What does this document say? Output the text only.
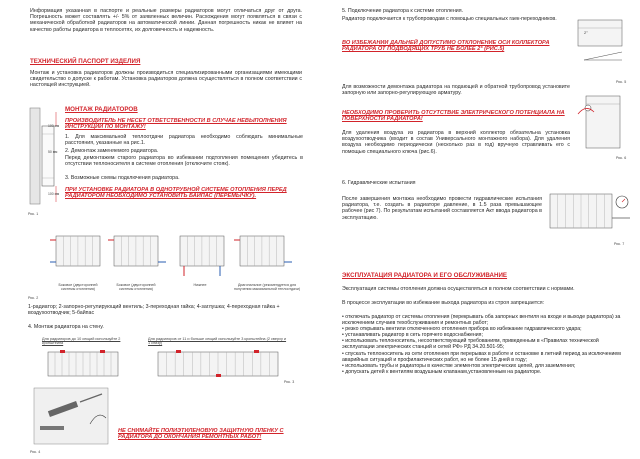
Информация указанная в паспорте и реальные размеры радиаторов могут отличаться друг от друга. Погрешность может составлять +/- 5% от заявленных величин. Расхождения могут появляться в связи с механической обработкой радиаторов на автоматической линии. Данная погрешность никак не влияет на качество работы радиатора в теплосетях, их долговечность и надежность.

ТЕХНИЧЕСКИЙ ПАСПОРТ ИЗДЕЛИЯ

Монтаж и установка радиаторов должны производиться специализированными организациями имеющими свидетельство о допуске к работам. Установка радиаторов должна осуществляться в полном соответствии с настоящей инструкцией.

100 мм
50 мм
100 мм
Рис. 1

МОНТАЖ РАДИАТОРОВ

ПРОИЗВОДИТЕЛЬ НЕ НЕСЕТ ОТВЕТСТВЕННОСТИ В СЛУЧАЕ НЕВЫПОЛНЕНИЯ ИНСТРУКЦИИ ПО МОНТАЖУ!

1. Для максимальной теплоотдачи радиатора необходимо соблюдать минимальные расстояния, указанные на рис.1.

2. Демонтаж заменяемого радиатора.

Перед демонтажем старого радиатора во избежании подтопления помещения убедитесь в отсутствии теплоносителя в системе отопления (отключите стояк).

3. Возможные схемы подключения радиатора.

ПРИ УСТАНОВКЕ РАДИАТОРА В ОДНОТРУБНОЙ СИСТЕМЕ ОТОПЛЕНИЯ ПЕРЕД РАДИАТОРОМ НЕОБХОДИМО УСТАНОВИТЬ БАЙПАС (ПЕРЕМЫЧКУ).

Боковое (двусторонней системы отопления)
Боковое (двусторонней системы отопления)
Нижнее	Диагональное (рекомендуется для получения максимальной теплоотдачи)
Рис. 2

1-радиатор; 2-запорно-регулирующий вентиль; 3-переходная гайка; 4-заглушка; 4-переходная гайка + воздухоотводчик; 5-байпас

4. Монтаж радиатора на стену.

Для радиаторов до 10 секций используйте 2 кронштейна
Для радиаторов от 11 и больше секций используйте 3 кронштейна (2 сверху и 1 снизу)
Рис. 3
Рис. 4

НЕ СНИМАЙТЕ ПОЛИЭТИЛЕНОВУЮ ЗАЩИТНУЮ ПЛЕНКУ С РАДИАТОРА ДО ОКОНЧАНИЯ РЕМОНТНЫХ РАБОТ!

5. Подключение радиатора к системе отопления.

Радиатор подключается к трубопроводам с помощью специальных гаек-переходников.

ВО ИЗБЕЖАНИИ ДАЛЬНЕЙ ДОПУСТИМО ОТКЛОНЕНИЕ ОСИ КОЛЛЕКТОРА РАДИАТОРА ОТ ПОДВОДЯЩИХ ТРУБ НЕ БОЛЕЕ 2° (РИС.5)

2°
Рис. 5

Для возможности демонтажа радиатора на подающей и обратной трубопровод установите запорную или запорно-регулирующую арматуру.

НЕОБХОДИМО ПРОВЕРИТЬ ОТСУТСТВИЕ ЭЛЕКТРИЧЕСКОГО ПОТЕНЦИАЛА НА ПОВЕРХНОСТИ РАДИАТОРА!

Рис. 6

Для удаления воздуха из радиатора в верхний коллектор обязательна установка воздухоотводчика (входит в состав Универсального монтажного набора). Для удаления воздуха необходимо периодически (несколько раз в год) вручную стравливать его с помощью специального ключа (рис.6).

6. Гидравлические испытания

После завершения монтажа необходимо провести гидравлические испытания радиатора, т.е. создать в радиаторе давление, в 1.5 раза превышающее рабочее (рис 7). По результатам испытаний составляется Акт ввода радиатора в эксплуатацию.

Рис. 7

ЭКСПЛУАТАЦИЯ РАДИАТОРА И ЕГО ОБСЛУЖИВАНИЕ

Эксплуатация системы отопления должна осуществляться в полном соответствии с нормами.

В процессе эксплуатации во избежание выхода радиатора из строя запрещается:

• отключать радиатор от системы отопления (перекрывать оба запорных вентиля на входе и выходе радиатора) за исключением случаев техобслуживания и ремонтных работ;
• резко открывать вентили отключенного отопления прибора во избежание гидравлического удара;
• устанавливать радиатор в сеть горячего водоснабжения;
• использовать теплоноситель, несоответствующий требованиям, приведенным в «Правилах технической эксплуатации электрических станций и сетей РФ» РД 34.20.501-95;
• спускать теплоноситель из сети отопления при перерывах в работе и остановке в летний период за исключением аварийных ситуаций и профилактических работ, но не более 15 дней в году;
• использовать трубы и радиаторы в качестве элементов электрических цепей, для заземления;
• допускать детей к вентилям воздушным клапанам,установленным на радиаторе.
